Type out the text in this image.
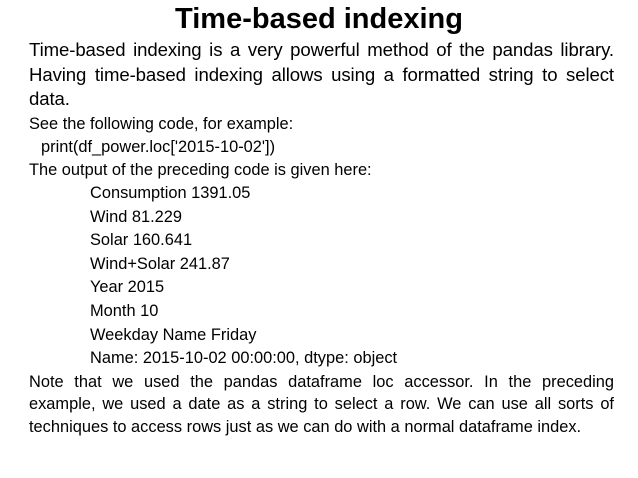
Time-based indexing

Time-based indexing is a very powerful method of the pandas library. Having time-based indexing allows using a formatted string to select data.

See the following code, for example:

print(df_power.loc['2015-10-02'])

The output of the preceding code is given here:

Consumption 1391.05

Wind 81.229

Solar 160.641

Wind+Solar 241.87

Year 2015

Month 10

Weekday Name Friday

Name: 2015-10-02 00:00:00, dtype: object

Note that we used the pandas dataframe loc accessor. In the preceding example, we used a date as a string to select a row. We can use all sorts of techniques to access rows just as we can do with a normal dataframe index.
